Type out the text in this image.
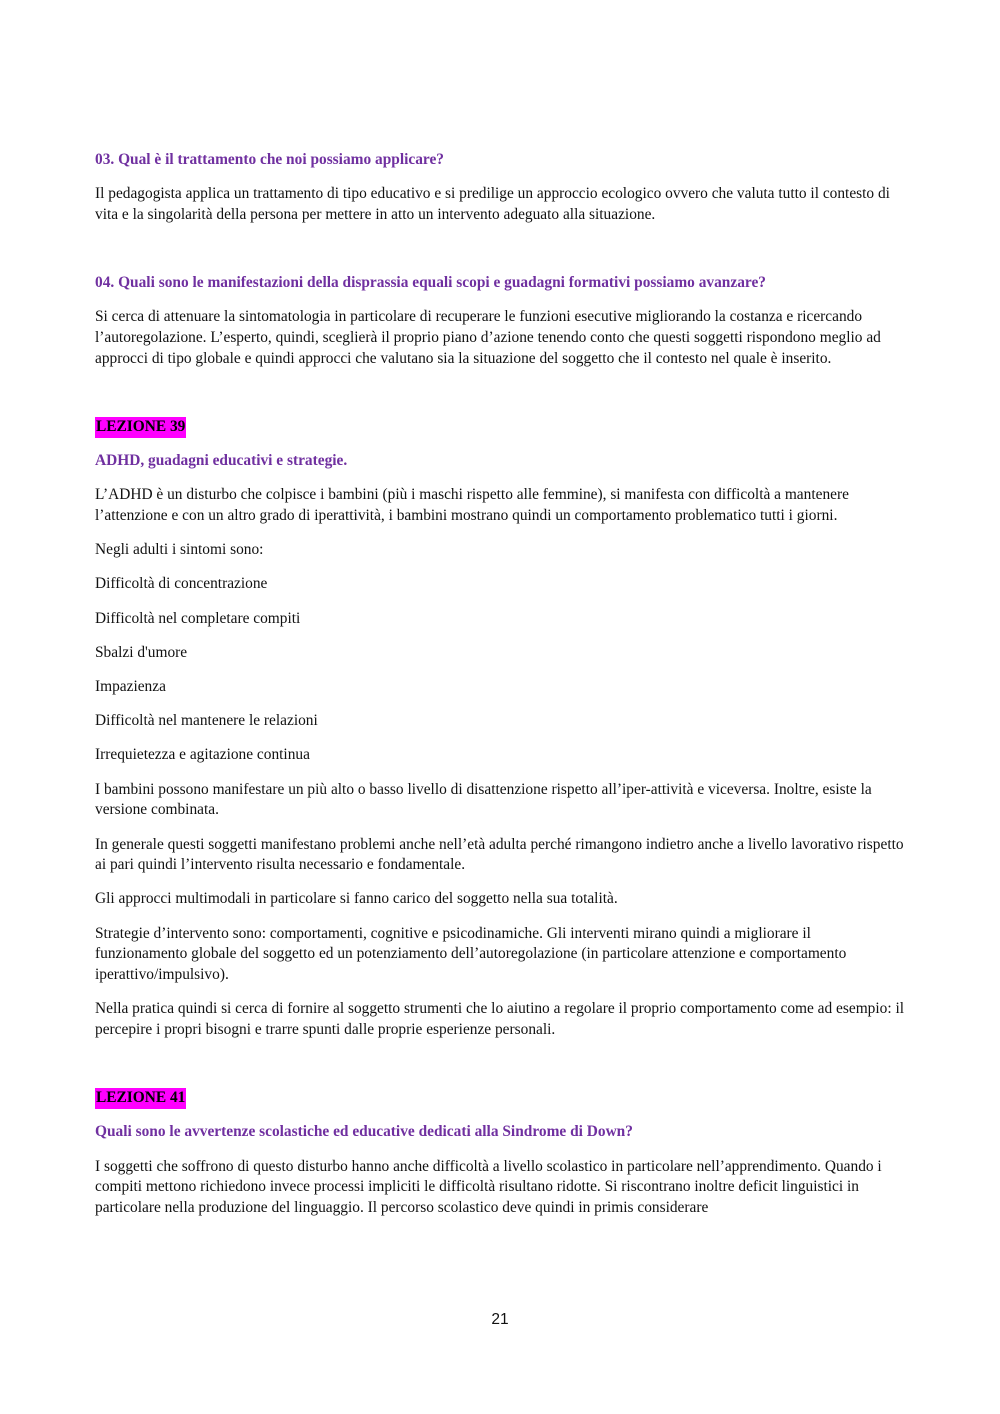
03. Qual è il trattamento che noi possiamo applicare?

Il pedagogista applica un trattamento di tipo educativo e si predilige un approccio ecologico ovvero che valuta tutto il contesto di vita e la singolarità della persona per mettere in atto un intervento adeguato alla situazione.

04. Quali sono le manifestazioni della disprassia equali scopi e guadagni formativi possiamo avanzare?

Si cerca di attenuare la sintomatologia in particolare di recuperare le funzioni esecutive migliorando la costanza e ricercando l’autoregolazione. L’esperto, quindi, sceglierà il proprio piano d’azione tenendo conto che questi soggetti rispondono meglio ad approcci di tipo globale e quindi approcci che valutano sia la situazione del soggetto che il contesto nel quale è inserito.

LEZIONE 39

ADHD, guadagni educativi e strategie.

L’ADHD è un disturbo che colpisce i bambini (più i maschi rispetto alle femmine), si manifesta con difficoltà a mantenere l’attenzione e con un altro grado di iperattività, i bambini mostrano quindi un comportamento problematico tutti i giorni.

Negli adulti i sintomi sono:

Difficoltà di concentrazione

Difficoltà nel completare compiti

Sbalzi d'umore

Impazienza

Difficoltà nel mantenere le relazioni

Irrequietezza e agitazione continua

I bambini possono manifestare un più alto o basso livello di disattenzione rispetto all’iper-attività e viceversa. Inoltre, esiste la versione combinata.

In generale questi soggetti manifestano problemi anche nell’età adulta perché rimangono indietro anche a livello lavorativo rispetto ai pari quindi l’intervento risulta necessario e fondamentale.

Gli approcci multimodali in particolare si fanno carico del soggetto nella sua totalità.

Strategie d’intervento sono: comportamenti, cognitive e psicodinamiche. Gli interventi mirano quindi a migliorare il funzionamento globale del soggetto ed un potenziamento dell’autoregolazione (in particolare attenzione e comportamento iperattivo/impulsivo).

Nella pratica quindi si cerca di fornire al soggetto strumenti che lo aiutino a regolare il proprio comportamento come ad esempio: il percepire i propri bisogni e trarre spunti dalle proprie esperienze personali.

LEZIONE 41

Quali sono le avvertenze scolastiche ed educative dedicati alla Sindrome di Down?

I soggetti che soffrono di questo disturbo hanno anche difficoltà a livello scolastico in particolare nell’apprendimento. Quando i compiti mettono richiedono invece processi impliciti le difficoltà risultano ridotte. Si riscontrano inoltre deficit linguistici in particolare nella produzione del linguaggio. Il percorso scolastico deve quindi in primis considerare

21
